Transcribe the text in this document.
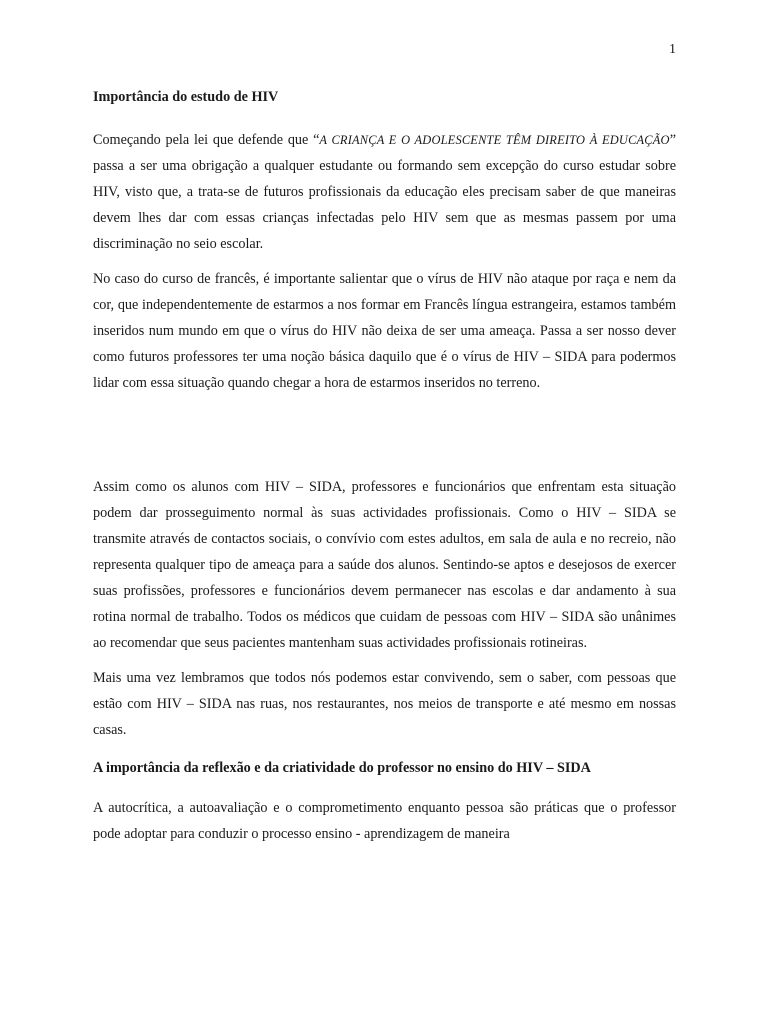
1

Importância do estudo de HIV

Começando pela lei que defende que “A CRIANÇA E O ADOLESCENTE TÊM DIREITO À EDUCAÇÃO” passa a ser uma obrigação a qualquer estudante ou formando sem excepção do curso estudar sobre HIV, visto que, a trata-se de futuros profissionais da educação eles precisam saber de que maneiras devem lhes dar com essas crianças infectadas pelo HIV sem que as mesmas passem por uma discriminação no seio escolar.

No caso do curso de francês, é importante salientar que o vírus de HIV não ataque por raça e nem da cor, que independentemente de estarmos a nos formar em Francês língua estrangeira, estamos também inseridos num mundo em que o vírus do HIV não deixa de ser uma ameaça. Passa a ser nosso dever como futuros professores ter uma noção básica daquilo que é o vírus de HIV – SIDA para podermos lidar com essa situação quando chegar a hora de estarmos inseridos no terreno.

Assim como os alunos com HIV – SIDA, professores e funcionários que enfrentam esta situação podem dar prosseguimento normal às suas actividades profissionais. Como o HIV – SIDA se transmite através de contactos sociais, o convívio com estes adultos, em sala de aula e no recreio, não representa qualquer tipo de ameaça para a saúde dos alunos. Sentindo-se aptos e desejosos de exercer suas profissões, professores e funcionários devem permanecer nas escolas e dar andamento à sua rotina normal de trabalho. Todos os médicos que cuidam de pessoas com HIV – SIDA são unânimes ao recomendar que seus pacientes mantenham suas actividades profissionais rotineiras.

Mais uma vez lembramos que todos nós podemos estar convivendo, sem o saber, com pessoas que estão com HIV – SIDA nas ruas, nos restaurantes, nos meios de transporte e até mesmo em nossas casas.

A importância da reflexão e da criatividade do professor no ensino do HIV – SIDA

A autocrítica, a autoavaliação e o comprometimento enquanto pessoa são práticas que o professor pode adoptar para conduzir o processo ensino - aprendizagem de maneira
